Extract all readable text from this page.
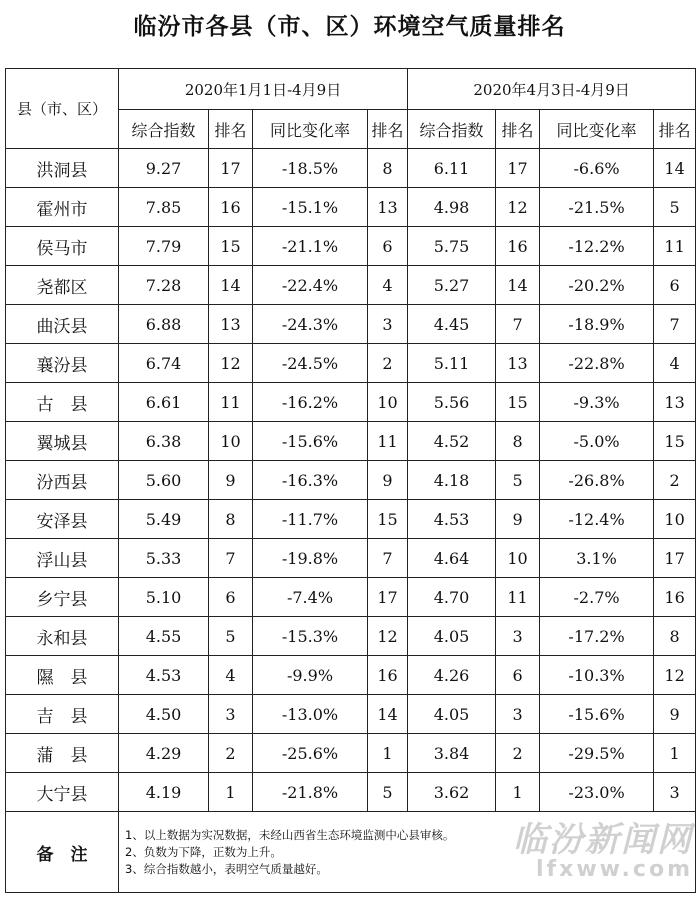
临汾市各县（市、区）环境空气质量排名
县（市、区）	2020年1月1日-4月9日				2020年4月3日-4月9日			
	综合指数	排名	同比变化率	排名	综合指数	排名	同比变化率	排名
洪洞县	9.27	17	-18.5%	8	6.11	17	-6.6%	14
霍州市	7.85	16	-15.1%	13	4.98	12	-21.5%	5
侯马市	7.79	15	-21.1%	6	5.75	16	-12.2%	11
尧都区	7.28	14	-22.4%	4	5.27	14	-20.2%	6
曲沃县	6.88	13	-24.3%	3	4.45	7	-18.9%	7
襄汾县	6.74	12	-24.5%	2	5.11	13	-22.8%	4
古　县	6.61	11	-16.2%	10	5.56	15	-9.3%	13
翼城县	6.38	10	-15.6%	11	4.52	8	-5.0%	15
汾西县	5.60	9	-16.3%	9	4.18	5	-26.8%	2
安泽县	5.49	8	-11.7%	15	4.53	9	-12.4%	10
浮山县	5.33	7	-19.8%	7	4.64	10	3.1%	17
乡宁县	5.10	6	-7.4%	17	4.70	11	-2.7%	16
永和县	4.55	5	-15.3%	12	4.05	3	-17.2%	8
隰　县	4.53	4	-9.9%	16	4.26	6	-10.3%	12
吉　县	4.50	3	-13.0%	14	4.05	3	-15.6%	9
蒲　县	4.29	2	-25.6%	1	3.84	2	-29.5%	1
大宁县	4.19	1	-21.8%	5	3.62	1	-23.0%	3
备　注	1、以上数据为实况数据，未经山西省生态环境监测中心县审核。
2、负数为下降，正数为上升。
3、综合指数越小，表明空气质量越好。							
临汾新闻网
lfxww.com
